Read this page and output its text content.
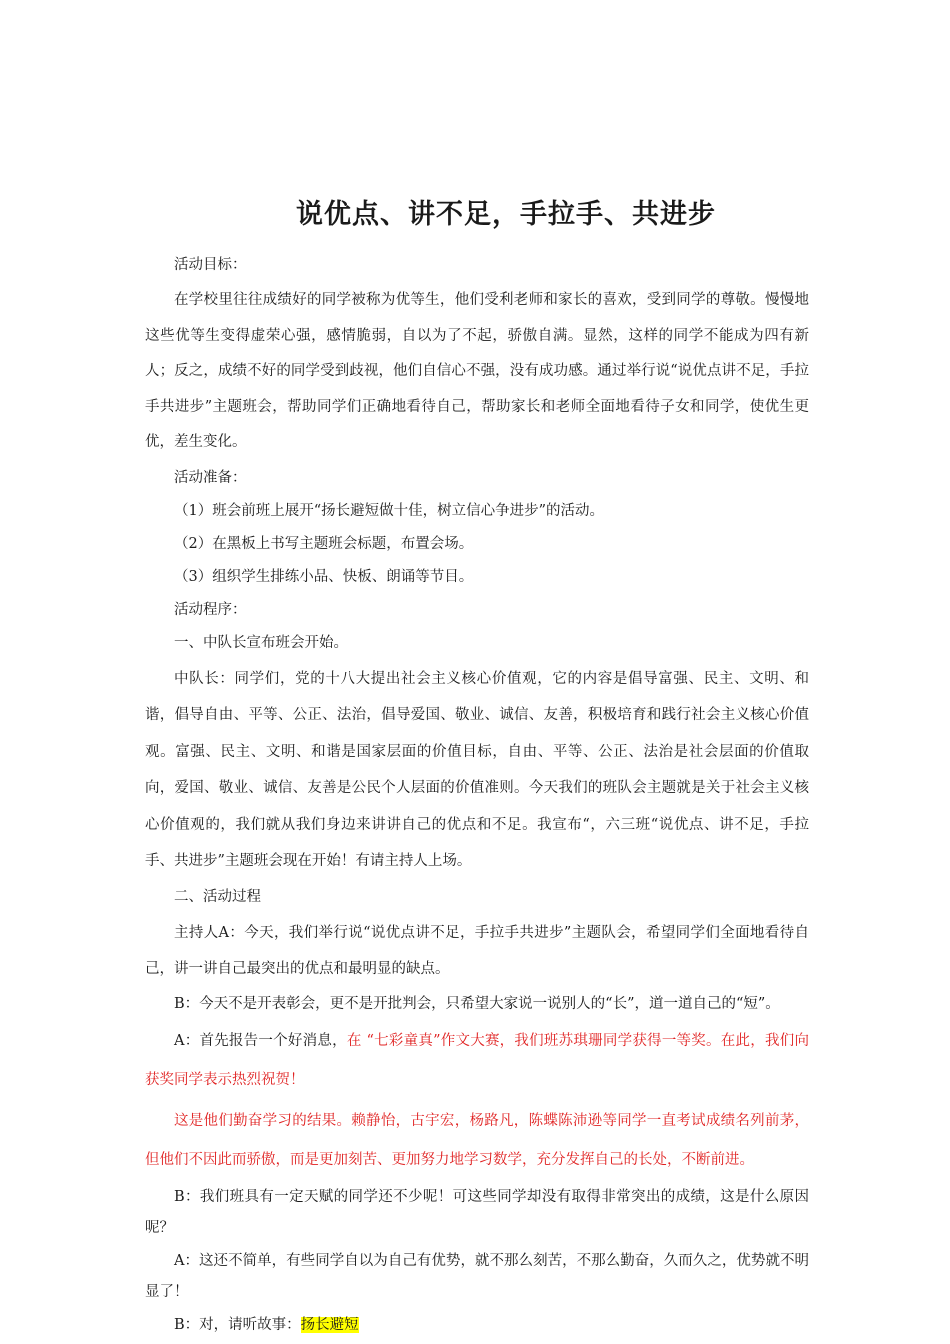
说优点、讲不足，手拉手、共进步

活动目标：

在学校里往往成绩好的同学被称为优等生，他们受利老师和家长的喜欢，受到同学的尊敬。慢慢地这些优等生变得虚荣心强，感情脆弱，自以为了不起，骄傲自满。显然，这样的同学不能成为四有新人；反之，成绩不好的同学受到歧视，他们自信心不强，没有成功感。通过举行说“说优点讲不足，手拉手共进步”主题班会，帮助同学们正确地看待自己，帮助家长和老师全面地看待子女和同学，使优生更优，差生变化。

活动准备：

（1）班会前班上展开“扬长避短做十佳，树立信心争进步”的活动。

（2）在黑板上书写主题班会标题，布置会场。

（3）组织学生排练小品、快板、朗诵等节目。

活动程序：

一、中队长宣布班会开始。

中队长：同学们，党的十八大提出社会主义核心价值观，它的内容是倡导富强、民主、文明、和谐，倡导自由、平等、公正、法治，倡导爱国、敬业、诚信、友善，积极培育和践行社会主义核心价值观。富强、民主、文明、和谐是国家层面的价值目标，自由、平等、公正、法治是社会层面的价值取向，爱国、敬业、诚信、友善是公民个人层面的价值准则。今天我们的班队会主题就是关于社会主义核心价值观的，我们就从我们身边来讲讲自己的优点和不足。我宣布“，六三班“说优点、讲不足，手拉手、共进步”主题班会现在开始！有请主持人上场。

二、活动过程

主持人A：今天，我们举行说“说优点讲不足，手拉手共进步”主题队会，希望同学们全面地看待自己，讲一讲自己最突出的优点和最明显的缺点。

B：今天不是开表彰会，更不是开批判会，只希望大家说一说别人的“长”，道一道自己的“短”。

A：首先报告一个好消息，在 “七彩童真”作文大赛，我们班苏琪珊同学获得一等奖。在此，我们向获奖同学表示热烈祝贺！

这是他们勤奋学习的结果。赖静怡，古宇宏，杨路凡，陈蝶陈沛逊等同学一直考试成绩名列前茅，但他们不因此而骄傲，而是更加刻苦、更加努力地学习数学，充分发挥自己的长处，不断前进。

B：我们班具有一定天赋的同学还不少呢！可这些同学却没有取得非常突出的成绩，这是什么原因呢？

A：这还不简单，有些同学自以为自己有优势，就不那么刻苦，不那么勤奋，久而久之，优势就不明显了！

B：对，请听故事：扬长避短
